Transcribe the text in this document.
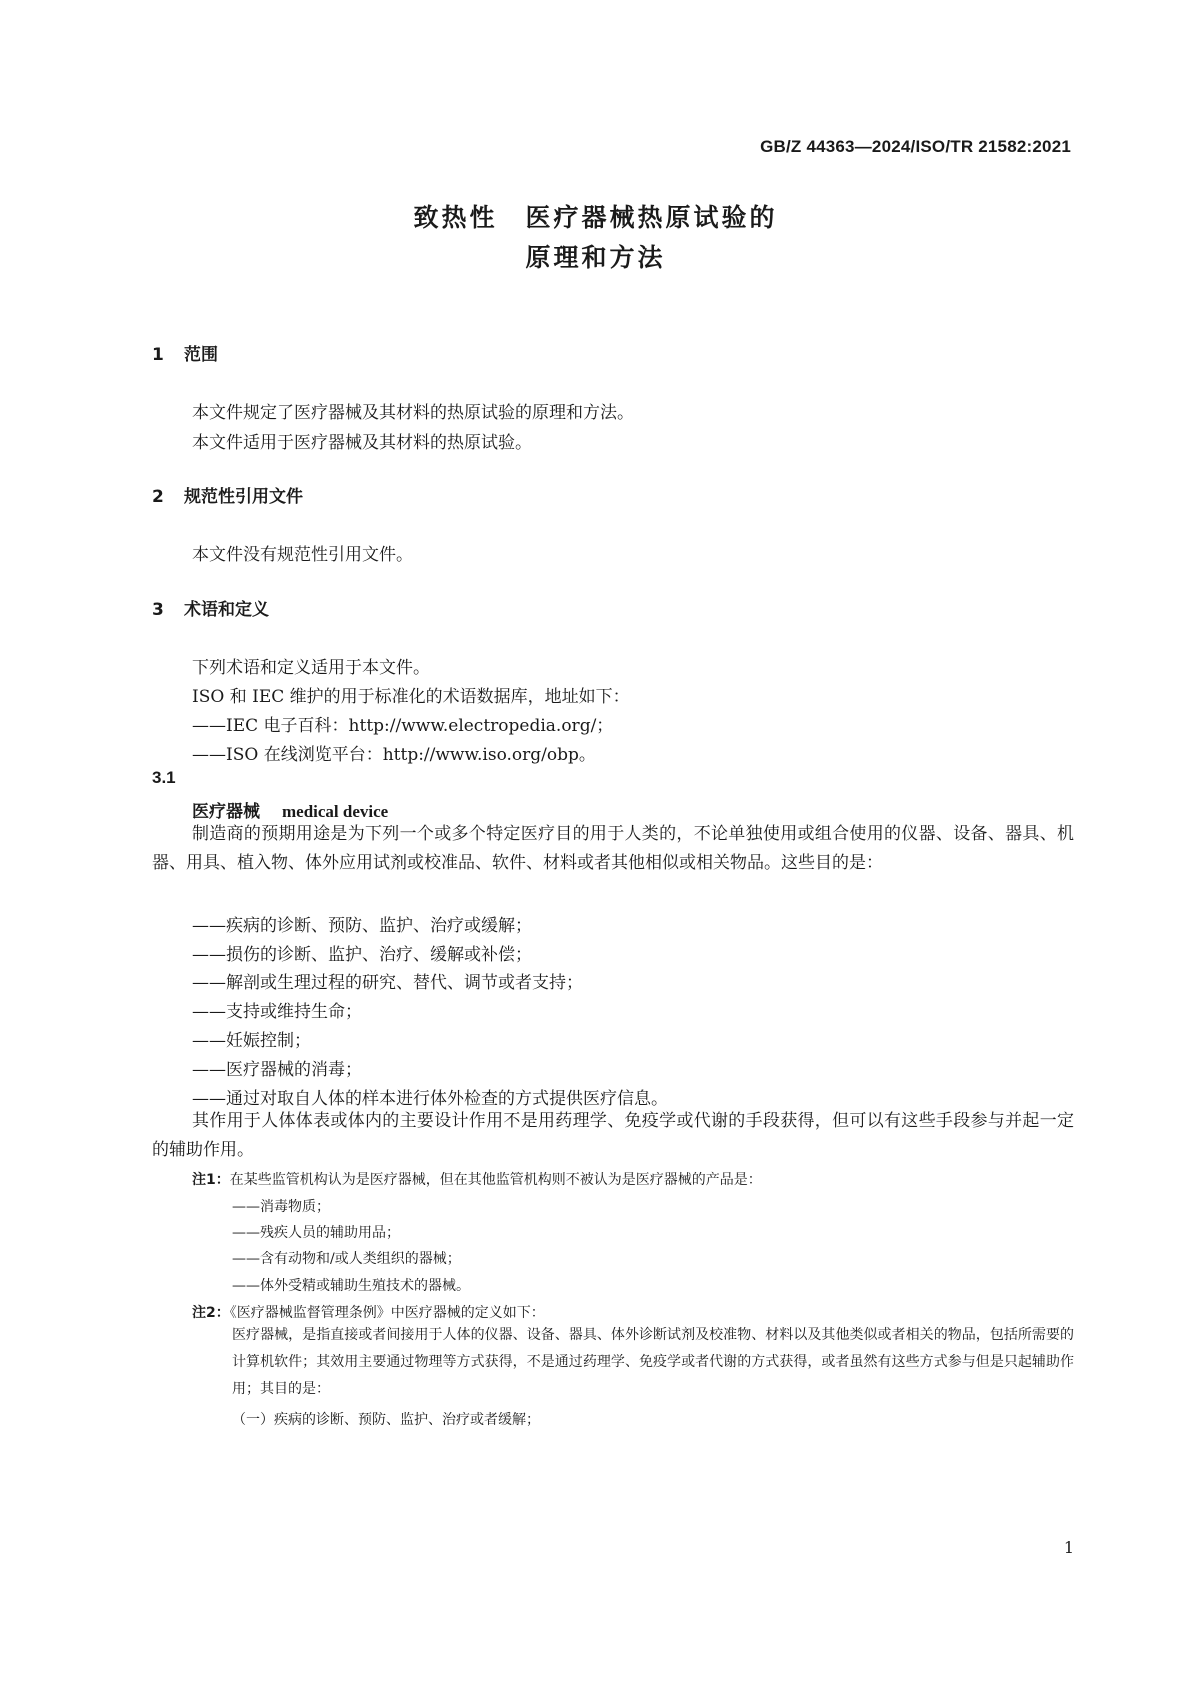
GB/Z 44363—2024/ISO/TR 21582:2021
致热性　医疗器械热原试验的
原理和方法
1 范围
本文件规定了医疗器械及其材料的热原试验的原理和方法。
本文件适用于医疗器械及其材料的热原试验。
2 规范性引用文件
本文件没有规范性引用文件。
3 术语和定义
下列术语和定义适用于本文件。
ISO 和 IEC 维护的用于标准化的术语数据库，地址如下：
——IEC 电子百科：http://www.electropedia.org/；
——ISO 在线浏览平台：http://www.iso.org/obp。
3.1
医疗器械 medical device
制造商的预期用途是为下列一个或多个特定医疗目的用于人类的，不论单独使用或组合使用的仪器、设备、器具、机器、用具、植入物、体外应用试剂或校准品、软件、材料或者其他相似或相关物品。这些目的是：
——疾病的诊断、预防、监护、治疗或缓解；
——损伤的诊断、监护、治疗、缓解或补偿；
——解剖或生理过程的研究、替代、调节或者支持；
——支持或维持生命；
——妊娠控制；
——医疗器械的消毒；
——通过对取自人体的样本进行体外检查的方式提供医疗信息。
其作用于人体体表或体内的主要设计作用不是用药理学、免疫学或代谢的手段获得，但可以有这些手段参与并起一定的辅助作用。
注1：在某些监管机构认为是医疗器械，但在其他监管机构则不被认为是医疗器械的产品是：
——消毒物质；
——残疾人员的辅助用品；
——含有动物和/或人类组织的器械；
——体外受精或辅助生殖技术的器械。
注2：《医疗器械监督管理条例》中医疗器械的定义如下：
医疗器械，是指直接或者间接用于人体的仪器、设备、器具、体外诊断试剂及校准物、材料以及其他类似或者相关的物品，包括所需要的计算机软件；其效用主要通过物理等方式获得，不是通过药理学、免疫学或者代谢的方式获得，或者虽然有这些方式参与但是只起辅助作用；其目的是：
（一）疾病的诊断、预防、监护、治疗或者缓解；
1
